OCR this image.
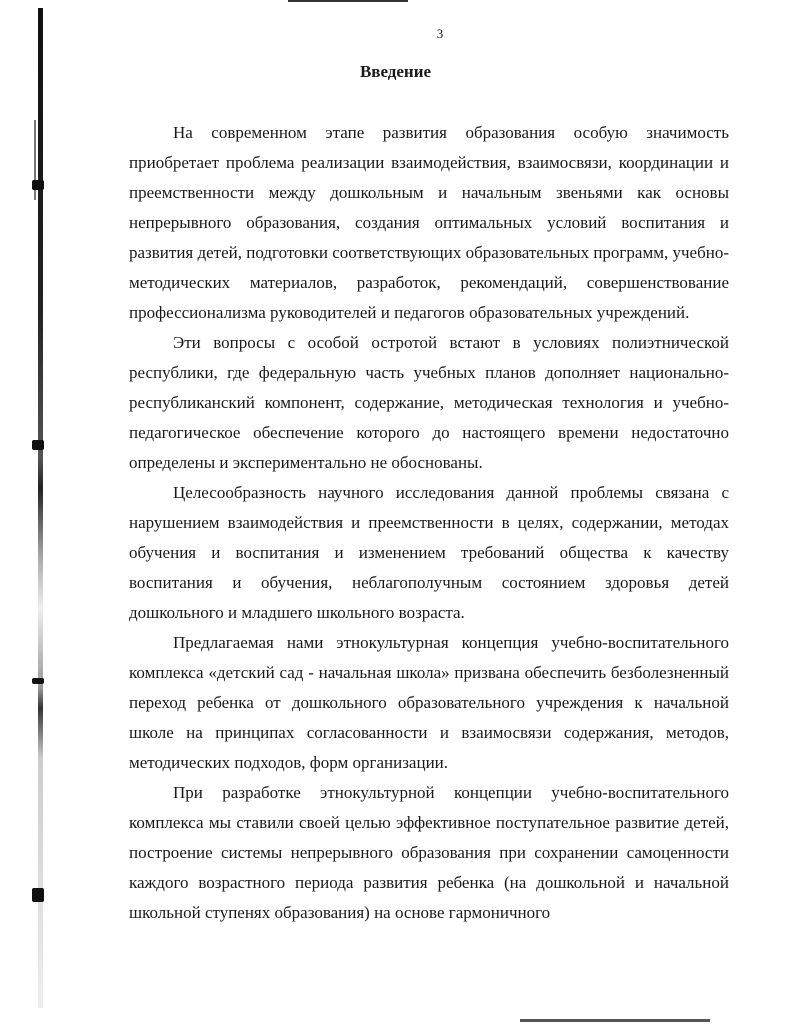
3
Введение

На современном этапе развития образования особую значимость приобретает проблема реализации взаимодействия, взаимосвязи, координации и преемственности между дошкольным и начальным звеньями как основы непрерывного образования, создания оптимальных условий воспитания и развития детей, подготовки соответствующих образовательных программ, учебно-методических материалов, разработок, рекомендаций, совершенствование профессионализма руководителей и педагогов образовательных учреждений.

Эти вопросы с особой остротой встают в условиях полиэтнической республики, где федеральную часть учебных планов дополняет национально-республиканский компонент, содержание, методическая технология и учебно-педагогическое обеспечение которого до настоящего времени недостаточно определены и экспериментально не обоснованы.

Целесообразность научного исследования данной проблемы связана с нарушением взаимодействия и преемственности в целях, содержании, методах обучения и воспитания и изменением требований общества к качеству воспитания и обучения, неблагополучным состоянием здоровья детей дошкольного и младшего школьного возраста.

Предлагаемая нами этнокультурная концепция учебно-воспитательного комплекса «детский сад - начальная школа» призвана обеспечить безболезненный переход ребенка от дошкольного образовательного учреждения к начальной школе на принципах согласованности и взаимосвязи содержания, методов, методических подходов, форм организации.

При разработке этнокультурной концепции учебно-воспитательного комплекса мы ставили своей целью эффективное поступательное развитие детей, построение системы непрерывного образования при сохранении самоценности каждого возрастного периода развития ребенка (на дошкольной и начальной школьной ступенях образования) на основе гармоничного
